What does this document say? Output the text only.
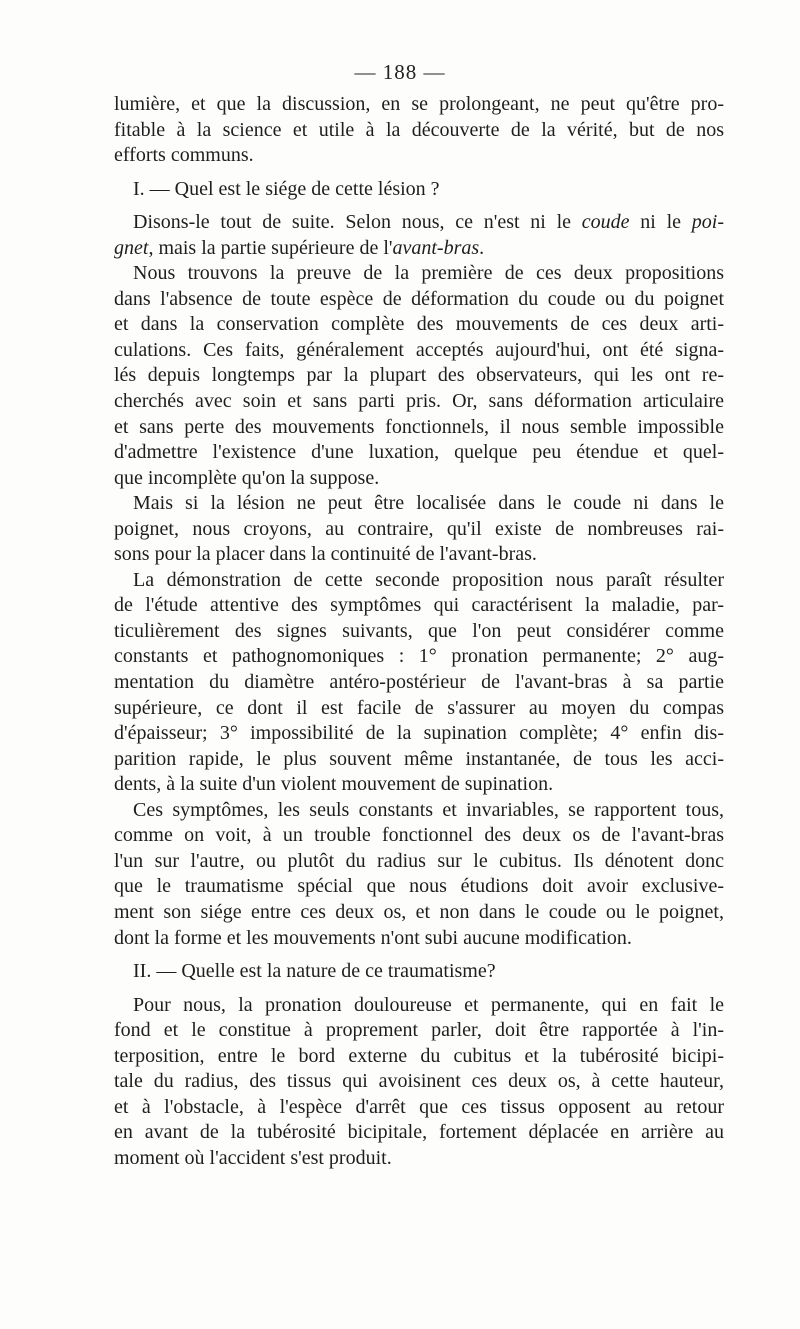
— 188 —
lumière, et que la discussion, en se prolongeant, ne peut qu'être pro-
fitable à la science et utile à la découverte de la vérité, but de nos
efforts communs.
I. — Quel est le siége de cette lésion ?
Disons-le tout de suite. Selon nous, ce n'est ni le coude ni le poi-
gnet, mais la partie supérieure de l'avant-bras.
Nous trouvons la preuve de la première de ces deux propositions
dans l'absence de toute espèce de déformation du coude ou du poignet
et dans la conservation complète des mouvements de ces deux arti-
culations. Ces faits, généralement acceptés aujourd'hui, ont été signa-
lés depuis longtemps par la plupart des observateurs, qui les ont re-
cherchés avec soin et sans parti pris. Or, sans déformation articulaire
et sans perte des mouvements fonctionnels, il nous semble impossible
d'admettre l'existence d'une luxation, quelque peu étendue et quel-
que incomplète qu'on la suppose.
Mais si la lésion ne peut être localisée dans le coude ni dans le
poignet, nous croyons, au contraire, qu'il existe de nombreuses rai-
sons pour la placer dans la continuité de l'avant-bras.
La démonstration de cette seconde proposition nous paraît résulter
de l'étude attentive des symptômes qui caractérisent la maladie, par-
ticulièrement des signes suivants, que l'on peut considérer comme
constants et pathognomoniques : 1° pronation permanente; 2° aug-
mentation du diamètre antéro-postérieur de l'avant-bras à sa partie
supérieure, ce dont il est facile de s'assurer au moyen du compas
d'épaisseur; 3° impossibilité de la supination complète; 4° enfin dis-
parition rapide, le plus souvent même instantanée, de tous les acci-
dents, à la suite d'un violent mouvement de supination.
Ces symptômes, les seuls constants et invariables, se rapportent tous,
comme on voit, à un trouble fonctionnel des deux os de l'avant-bras
l'un sur l'autre, ou plutôt du radius sur le cubitus. Ils dénotent donc
que le traumatisme spécial que nous étudions doit avoir exclusive-
ment son siége entre ces deux os, et non dans le coude ou le poignet,
dont la forme et les mouvements n'ont subi aucune modification.
II. — Quelle est la nature de ce traumatisme?
Pour nous, la pronation douloureuse et permanente, qui en fait le
fond et le constitue à proprement parler, doit être rapportée à l'in-
terposition, entre le bord externe du cubitus et la tubérosité bicipi-
tale du radius, des tissus qui avoisinent ces deux os, à cette hauteur,
et à l'obstacle, à l'espèce d'arrêt que ces tissus opposent au retour
en avant de la tubérosité bicipitale, fortement déplacée en arrière au
moment où l'accident s'est produit.
